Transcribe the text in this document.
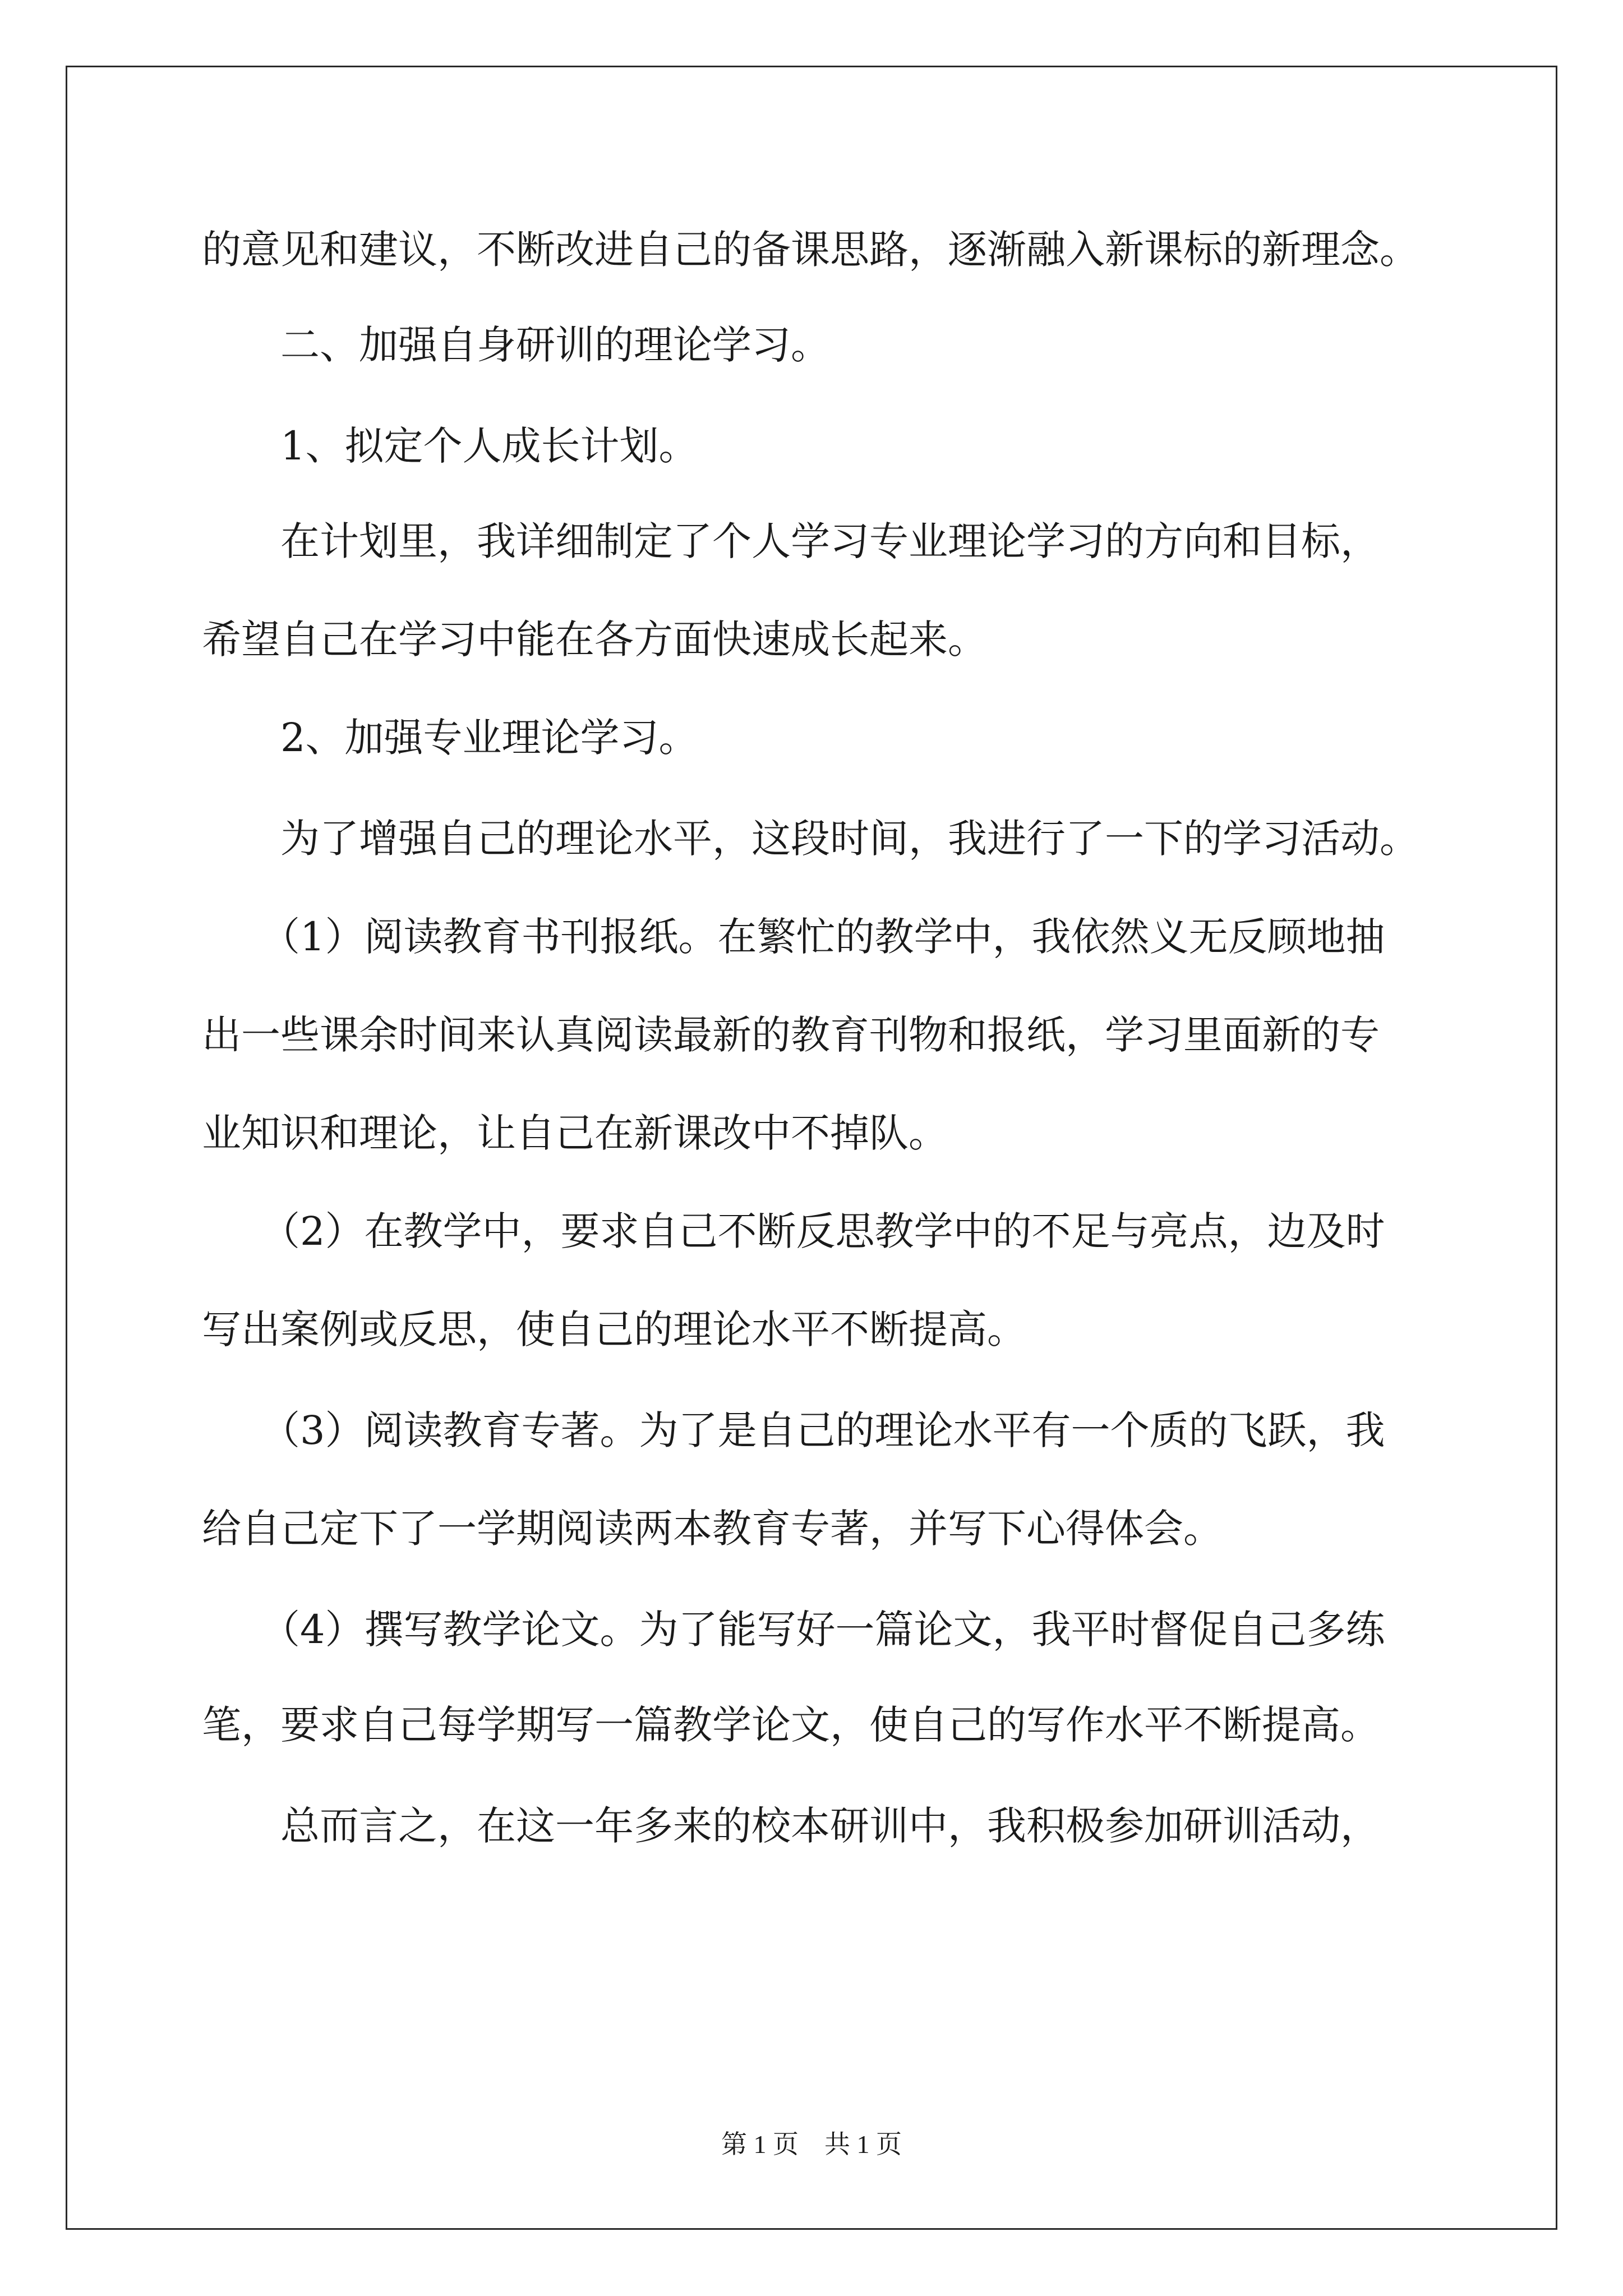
的意见和建议，不断改进自己的备课思路，逐渐融入新课标的新理念。

二、加强自身研训的理论学习。

1、拟定个人成长计划。

在计划里，我详细制定了个人学习专业理论学习的方向和目标，

希望自己在学习中能在各方面快速成长起来。

2、加强专业理论学习。

为了增强自己的理论水平，这段时间，我进行了一下的学习活动。

（1）阅读教育书刊报纸。在繁忙的教学中，我依然义无反顾地抽

出一些课余时间来认真阅读最新的教育刊物和报纸，学习里面新的专

业知识和理论，让自己在新课改中不掉队。

（2）在教学中，要求自己不断反思教学中的不足与亮点，边及时

写出案例或反思，使自己的理论水平不断提高。

（3）阅读教育专著。为了是自己的理论水平有一个质的飞跃，我

给自己定下了一学期阅读两本教育专著，并写下心得体会。

（4）撰写教学论文。为了能写好一篇论文，我平时督促自己多练

笔，要求自己每学期写一篇教学论文，使自己的写作水平不断提高。

总而言之，在这一年多来的校本研训中，我积极参加研训活动，

第 1 页    共 1 页
